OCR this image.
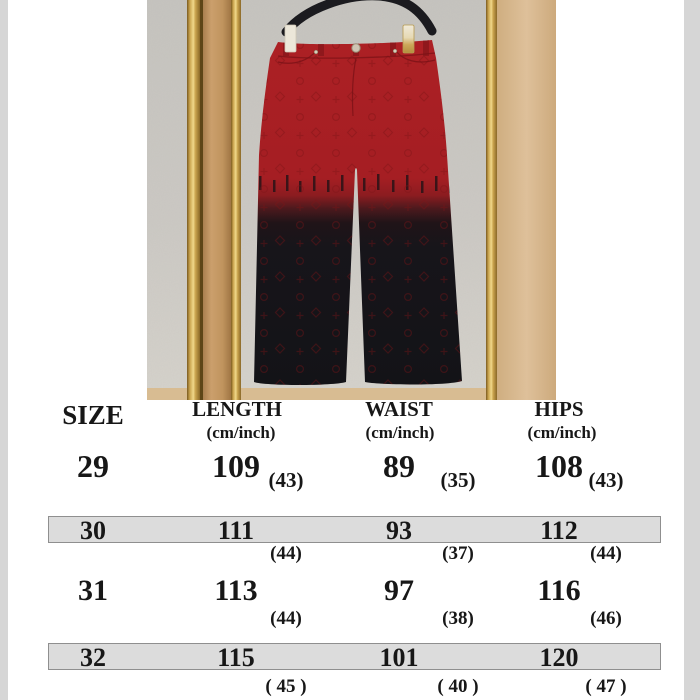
SIZE	LENGTH	WAIST	HIPS
(cm/inch)	(cm/inch)	(cm/inch)
29	109	89	108
(43)	(35)	(43)
30	111	93	112
(44)	(37)	(44)
31	113	97	116
(44)	(38)	(46)
32	115	101	120
( 45 )	( 40 )	( 47 )
